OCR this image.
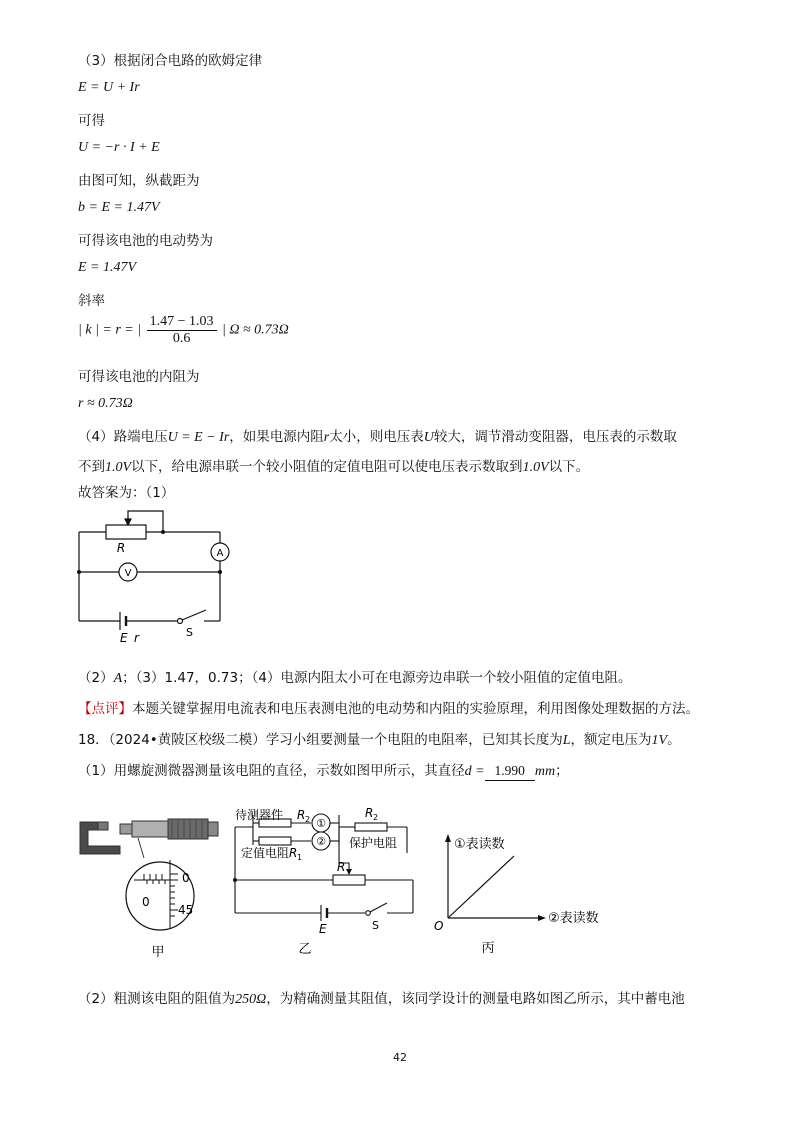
（3）根据闭合电路的欧姆定律
E = U + Ir
可得
U = −r · I + E
由图可知，纵截距为
b = E = 1.47V
可得该电池的电动势为
E = 1.47V
斜率
| k | = r = | $\frac{1.47 - 1.03}{0.6}$ | Ω ≈ 0.73Ω
可得该电池的内阻为
r ≈ 0.73Ω
（4）路端电压U = E − Ir，如果电源内阻r太小，则电压表U较大，调节滑动变阻器，电压表的示数取
不到1.0V以下，给电源串联一个较小阻值的定值电阻可以使电压表示数取到1.0V以下。
故答案为：（1）
R	A
V
E r	S
（2）A；（3）1.47，0.73；（4）电源内阻太小可在电源旁边串联一个较小阻值的定值电阻。
【点评】本题关键掌握用电流表和电压表测电池的电动势和内阻的实验原理，利用图像处理数据的方法。
18．（2024•黄陂区校级二模）学习小组要测量一个电阻的电阻率，已知其长度为L，额定电压为1V。
（1）用螺旋测微器测量该电阻的直径，示数如图甲所示，其直径d = 1.990 mm；
0
0
45
甲
待测器件 R 2 ①
②
R 2
保护电阻
定值电阻 R 1
R
E	S
乙
①表读数
②表读数
O
丙
（2）粗测该电阻的阻值为250Ω，为精确测量其阻值，该同学设计的测量电路如图乙所示，其中蓄电池
42
